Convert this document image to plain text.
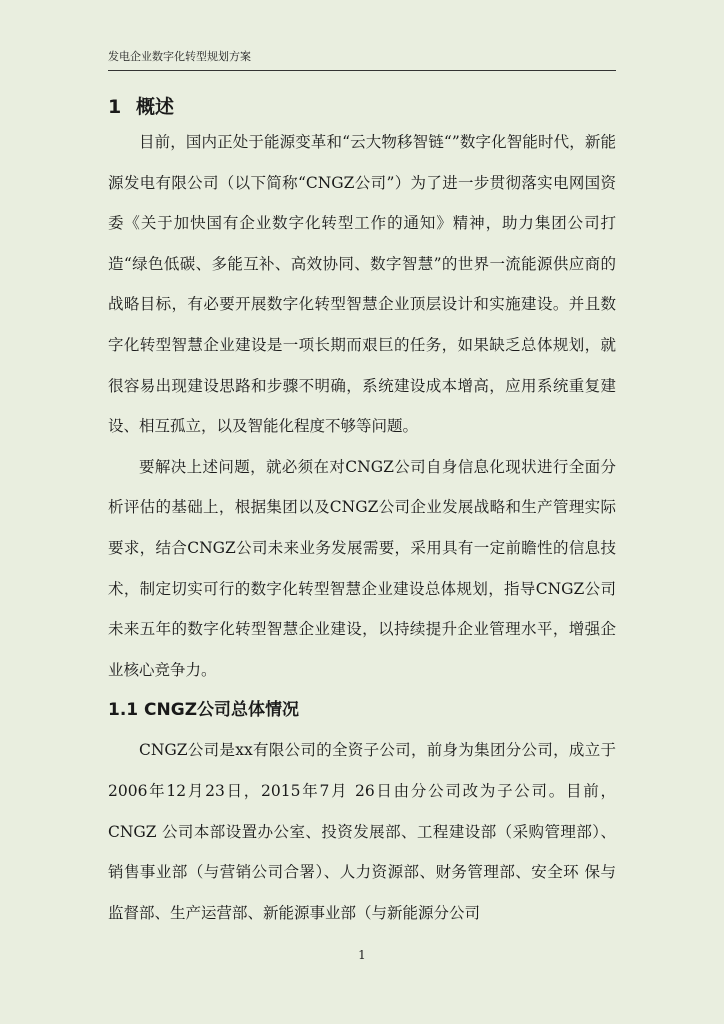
发电企业数字化转型规划方案
1 概述

目前，国内正处于能源变革和“云大物移智链“”数字化智能时代，新能源发电有限公司（以下简称“CNGZ公司”）为了进一步贯彻落实电网国资委《关于加快国有企业数字化转型工作的通知》精神，助力集团公司打造“绿色低碳、多能互补、高效协同、数字智慧”的世界一流能源供应商的战略目标，有必要开展数字化转型智慧企业顶层设计和实施建设。并且数字化转型智慧企业建设是一项长期而艰巨的任务，如果缺乏总体规划，就很容易出现建设思路和步骤不明确，系统建设成本增高，应用系统重复建设、相互孤立，以及智能化程度不够等问题。

要解决上述问题，就必须在对CNGZ公司自身信息化现状进行全面分析评估的基础上，根据集团以及CNGZ公司企业发展战略和生产管理实际要求，结合CNGZ公司未来业务发展需要，采用具有一定前瞻性的信息技术，制定切实可行的数字化转型智慧企业建设总体规划，指导CNGZ公司未来五年的数字化转型智慧企业建设，以持续提升企业管理水平，增强企业核心竞争力。

1.1 CNGZ公司总体情况

CNGZ公司是xx有限公司的全资子公司，前身为集团分公司，成立于2006年12月23日，2015年7月 26日由分公司改为子公司。目前，CNGZ 公司本部设置办公室、投资发展部、工程建设部（采购管理部）、销售事业部（与营销公司合署）、人力资源部、财务管理部、安全环 保与监督部、生产运营部、新能源事业部（与新能源分公司

1
